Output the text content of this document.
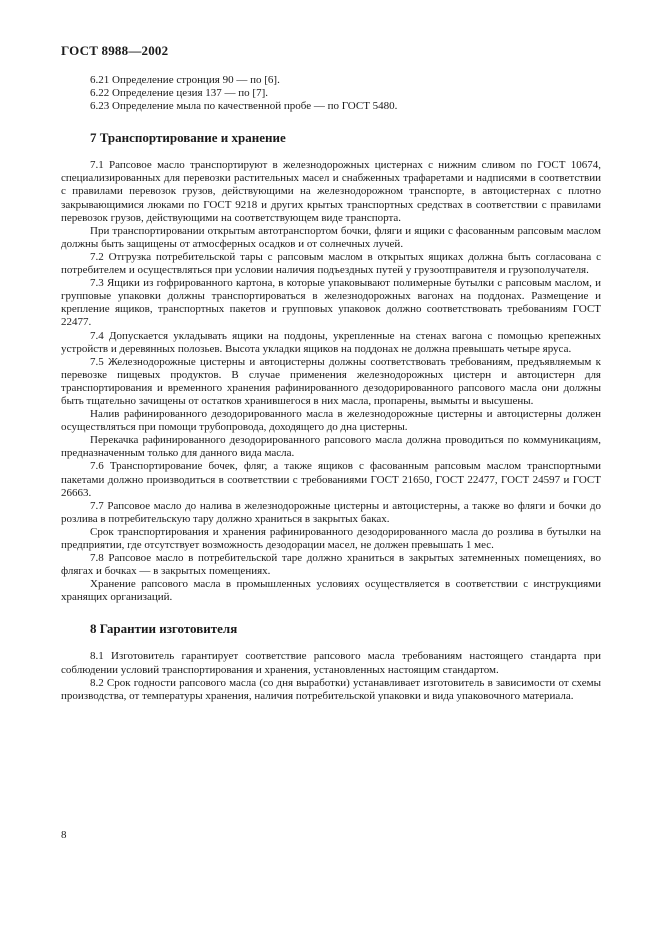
ГОСТ 8988—2002

6.21 Определение стронция 90 — по [6].

6.22 Определение цезия 137 — по [7].

6.23 Определение мыла по качественной пробе — по ГОСТ 5480.

7 Транспортирование и хранение

7.1 Рапсовое масло транспортируют в железнодорожных цистернах с нижним сливом по ГОСТ 10674, специализированных для перевозки растительных масел и снабженных трафаретами и надписями в соответствии с правилами перевозок грузов, действующими на железнодорожном транспорте, в автоцистернах с плотно закрывающимися люками по ГОСТ 9218 и других крытых транспортных средствах в соответствии с правилами перевозок грузов, действующими на соответствующем виде транспорта.

При транспортировании открытым автотранспортом бочки, фляги и ящики с фасованным рапсовым маслом должны быть защищены от атмосферных осадков и от солнечных лучей.

7.2 Отгрузка потребительской тары с рапсовым маслом в открытых ящиках должна быть согласована с потребителем и осуществляться при условии наличия подъездных путей у грузоотправителя и грузополучателя.

7.3 Ящики из гофрированного картона, в которые упаковывают полимерные бутылки с рапсовым маслом, и групповые упаковки должны транспортироваться в железнодорожных вагонах на поддонах. Размещение и крепление ящиков, транспортных пакетов и групповых упаковок должно соответствовать требованиям ГОСТ 22477.

7.4 Допускается укладывать ящики на поддоны, укрепленные на стенах вагона с помощью крепежных устройств и деревянных полозьев. Высота укладки ящиков на поддонах не должна превышать четыре яруса.

7.5 Железнодорожные цистерны и автоцистерны должны соответствовать требованиям, предъявляемым к перевозке пищевых продуктов. В случае применения железнодорожных цистерн и автоцистерн для транспортирования и временного хранения рафинированного дезодорированного рапсового масла они должны быть тщательно зачищены от остатков хранившегося в них масла, пропарены, вымыты и высушены.

Налив рафинированного дезодорированного масла в железнодорожные цистерны и автоцистерны должен осуществляться при помощи трубопровода, доходящего до дна цистерны.

Перекачка рафинированного дезодорированного рапсового масла должна проводиться по коммуникациям, предназначенным только для данного вида масла.

7.6 Транспортирование бочек, фляг, а также ящиков с фасованным рапсовым маслом транспортными пакетами должно производиться в соответствии с требованиями ГОСТ 21650, ГОСТ 22477, ГОСТ 24597 и ГОСТ 26663.

7.7 Рапсовое масло до налива в железнодорожные цистерны и автоцистерны, а также во фляги и бочки до розлива в потребительскую тару должно храниться в закрытых баках.

Срок транспортирования и хранения рафинированного дезодорированного масла до розлива в бутылки на предприятии, где отсутствует возможность дезодорации масел, не должен превышать 1 мес.

7.8 Рапсовое масло в потребительской таре должно храниться в закрытых затемненных помещениях, во флягах и бочках — в закрытых помещениях.

Хранение рапсового масла в промышленных условиях осуществляется в соответствии с инструкциями хранящих организаций.

8 Гарантии изготовителя

8.1 Изготовитель гарантирует соответствие рапсового масла требованиям настоящего стандарта при соблюдении условий транспортирования и хранения, установленных настоящим стандартом.

8.2 Срок годности рапсового масла (со дня выработки) устанавливает изготовитель в зависимости от схемы производства, от температуры хранения, наличия потребительской упаковки и вида упаковочного материала.

8
